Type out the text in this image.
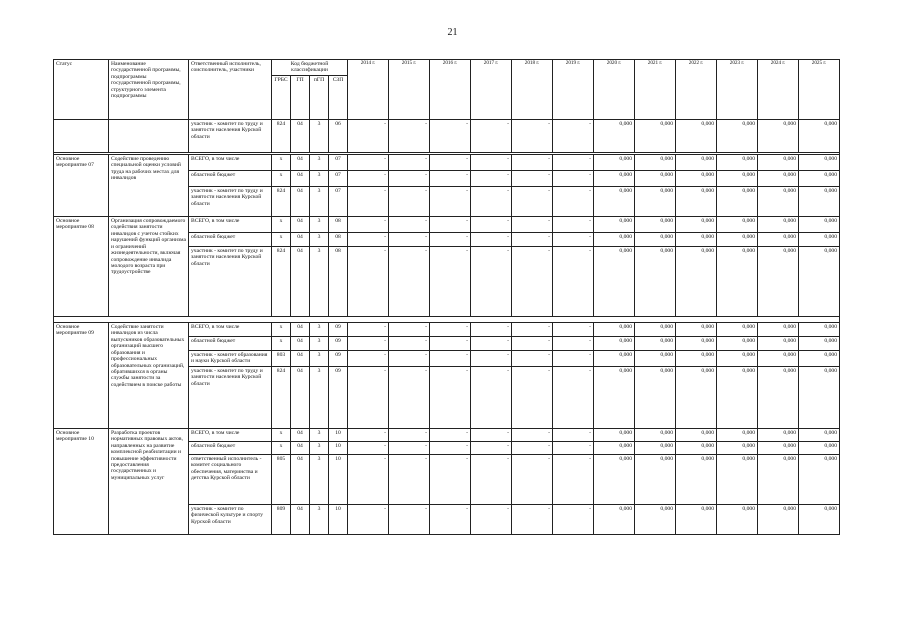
21
Статус	Наименование государственной программы, подпрограммы государственной программы, структурного элемента подпрограммы	Ответственный исполнитель, соисполнитель, участники	Код бюджетной классификации				2014 г.	2015 г.	2016 г.	2017 г.	2018 г.	2019 г.	2020 г.	2021 г.	2022 г.	2023 г.	2024 г.	2025 г.
			ГРБС	ГП	пГП	СЗП												
		участник - комитет по труду и занятости населения Курской области	824	04	3	06	-	-	-	-	-	-	0,000	0,000	0,000	0,000	0,000	0,000

Основное мероприятие 07	Содействие проведению специальной оценки условий труда на рабочих местах для инвалидов	ВСЕГО, в том числе	х	04	3	07	-	-	-	-	-	-	0,000	0,000	0,000	0,000	0,000	0,000
		областной бюджет	х	04	3	07	-	-	-	-	-	-	0,000	0,000	0,000	0,000	0,000	0,000
		участник - комитет по труду и занятости населения Курской области	824	04	3	07	-	-	-	-	-	-	0,000	0,000	0,000	0,000	0,000	0,000
Основное мероприятие 08	Организация сопровождаемого содействия занятости инвалидов с учетом стойких нарушений функций организма и ограничений жизнедеятельности, включая сопровождение инвалида молодого возраста при трудоустройстве	ВСЕГО, в том числе	х	04	3	08	-	-	-	-	-	-	0,000	0,000	0,000	0,000	0,000	0,000
		областной бюджет	х	04	3	08	-	-	-	-	-	-	0,000	0,000	0,000	0,000	0,000	0,000
		участник - комитет по труду и занятости населения Курской области	824	04	3	08	-	-	-	-	-	-	0,000	0,000	0,000	0,000	0,000	0,000

Основное мероприятие 09	Содействие занятости инвалидов из числа выпускников образовательных организаций высшего образования и профессиональных образовательных организаций, обратившихся в органы службы занятости за содействием в поиске работы	ВСЕГО, в том числе	х	04	3	09	-	-	-	-	-	-	0,000	0,000	0,000	0,000	0,000	0,000
		областной бюджет	х	04	3	09	-	-	-	-	-	-	0,000	0,000	0,000	0,000	0,000	0,000
		участник - комитет образования и науки Курской области	803	04	3	09	-	-	-	-	-	-	0,000	0,000	0,000	0,000	0,000	0,000
		участник - комитет по труду и занятости населения Курской области	824	04	3	09	-	-	-	-	-	-	0,000	0,000	0,000	0,000	0,000	0,000
Основное мероприятие 10	Разработка проектов нормативных правовых актов, направленных на развитие комплексной реабилитации и повышение эффективности предоставления государственных и муниципальных услуг	ВСЕГО, в том числе	х	04	3	10	-	-	-	-	-	-	0,000	0,000	0,000	0,000	0,000	0,000
		областной бюджет	х	04	3	10	-	-	-	-	-	-	0,000	0,000	0,000	0,000	0,000	0,000
		ответственный исполнитель - комитет социального обеспечения, материнства и детства Курской области	805	04	3	10	-	-	-	-	-	-	0,000	0,000	0,000	0,000	0,000	0,000
		участник - комитет по физической культуре и спорту Курской области	809	04	3	10	-	-	-	-	-	-	0,000	0,000	0,000	0,000	0,000	0,000
